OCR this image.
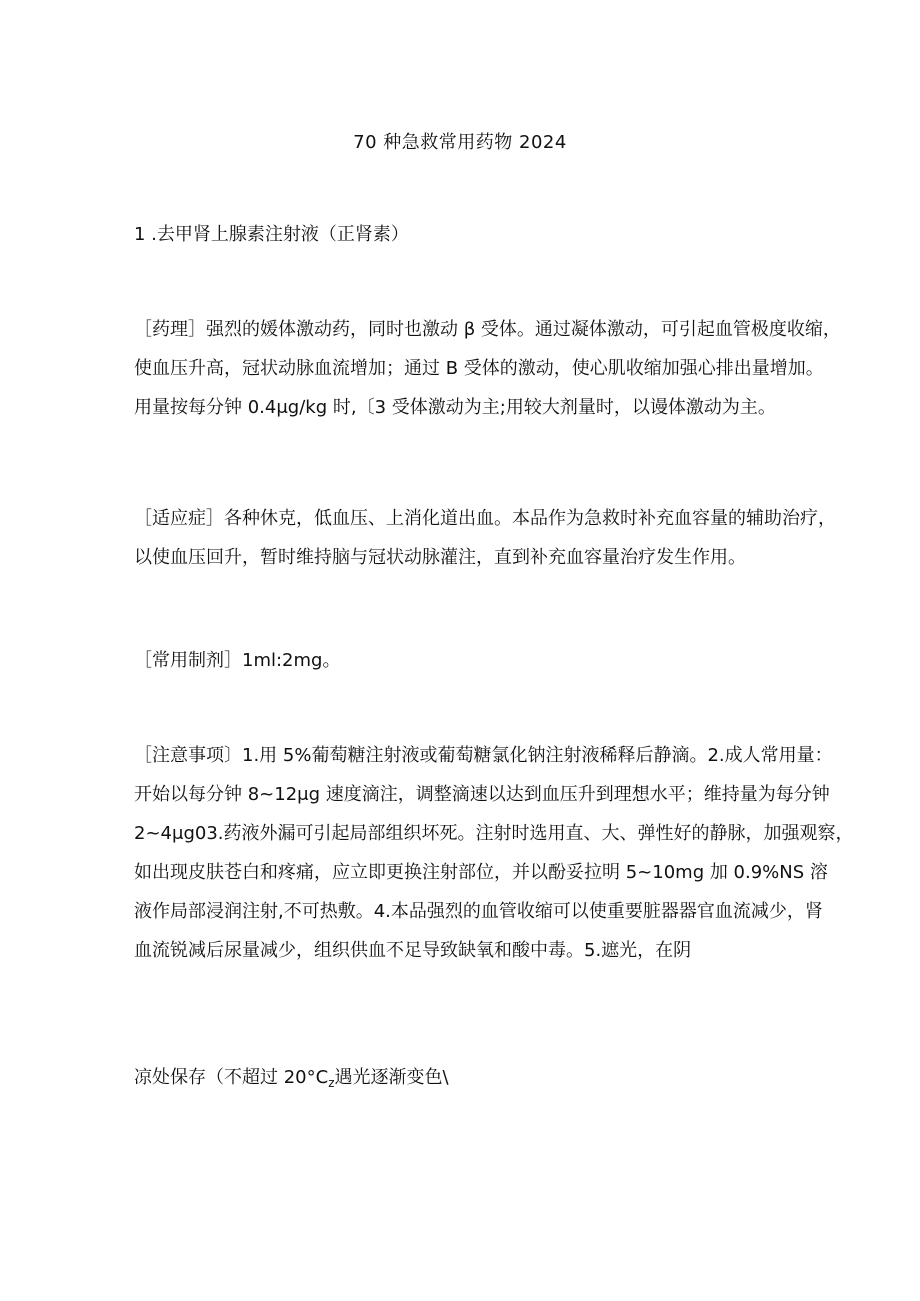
70 种急救常用药物 2024
1 .去甲肾上腺素注射液（正肾素）
［药理］强烈的媛体激动药，同时也激动 β 受体。通过凝体激动，可引起血管极度收缩，
使血压升高，冠状动脉血流增加；通过 B 受体的激动，使心肌收缩加强心排出量增加。
用量按每分钟 0.4μg∕kg 时,〔3 受体激动为主;用较大剂量时，以谩体激动为主。
［适应症］各种休克，低血压、上消化道出血。本品作为急救时补充血容量的辅助治疗，
以使血压回升，暂时维持脑与冠状动脉灌注，直到补充血容量治疗发生作用。
［常用制剂］1ml:2mg。
［注意事项〕1.用 5%葡萄糖注射液或葡萄糖氯化钠注射液稀释后静滴。2.成人常用量：
开始以每分钟 8~12μg 速度滴注，调整滴速以达到血压升到理想水平；维持量为每分钟
2~4μg03.药液外漏可引起局部组织坏死。注射时选用直、大、弹性好的静脉，加强观察，
如出现皮肤苍白和疼痛，应立即更换注射部位，并以酚妥拉明 5~10mg 加 0.9%NS 溶
液作局部浸润注射,不可热敷。4.本品强烈的血管收缩可以使重要脏器器官血流减少，肾
血流锐减后尿量减少，组织供血不足导致缺氧和酸中毒。5.遮光，在阴
凉处保存（不超过 $20^\circ C_z$遇光逐渐变色\
